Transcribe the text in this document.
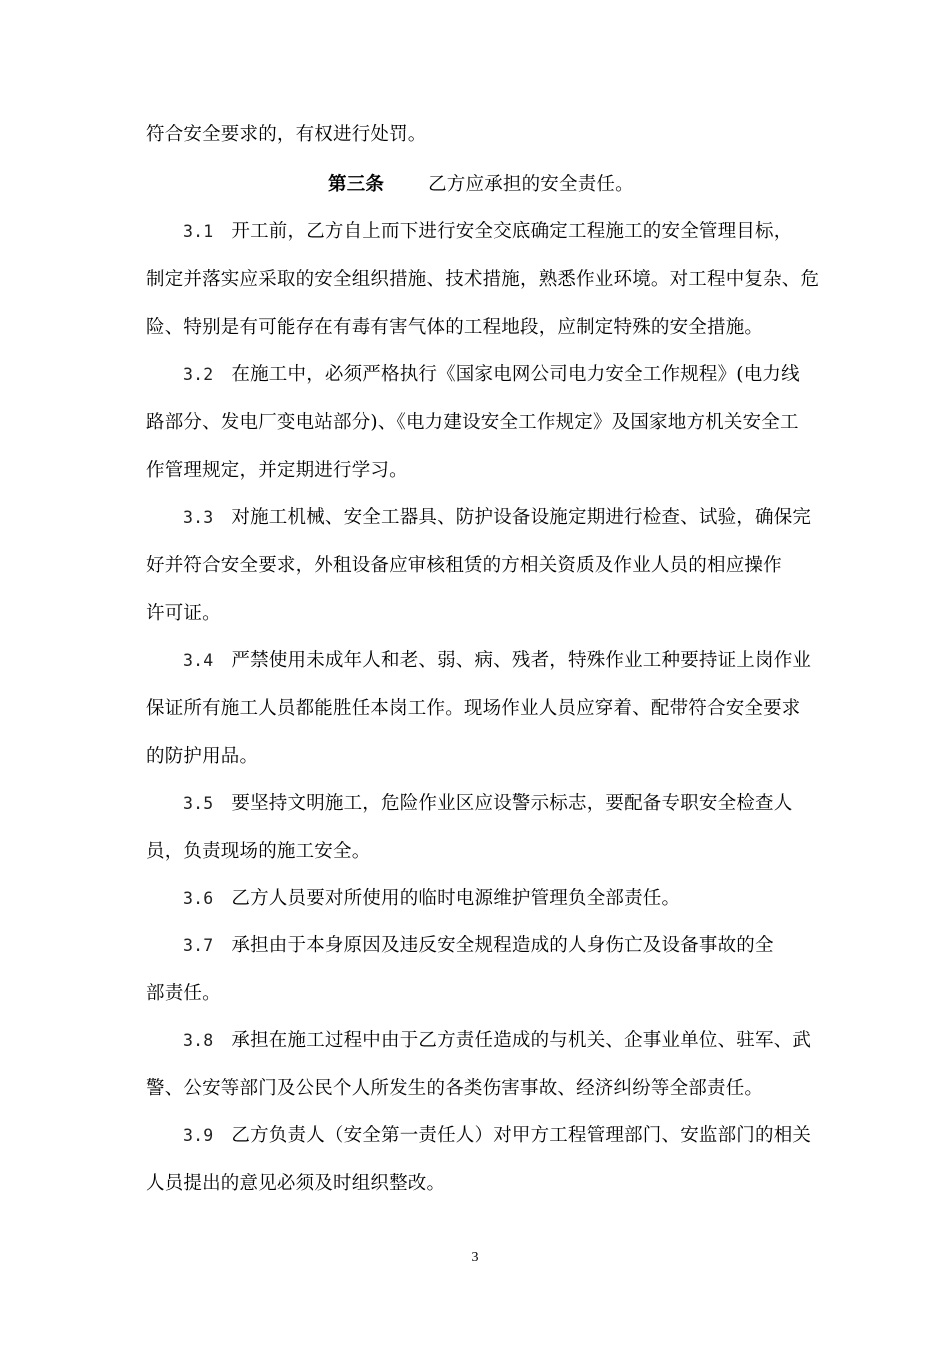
符合安全要求的，有权进行处罚。
第三条 乙方应承担的安全责任。
3.1 开工前，乙方自上而下进行安全交底确定工程施工的安全管理目标，
制定并落实应采取的安全组织措施、技术措施，熟悉作业环境。对工程中复杂、危
险、特别是有可能存在有毒有害气体的工程地段，应制定特殊的安全措施。
3.2 在施工中，必须严格执行《国家电网公司电力安全工作规程》(电力线
路部分、发电厂变电站部分)、《电力建设安全工作规定》及国家地方机关安全工
作管理规定，并定期进行学习。
3.3 对施工机械、安全工器具、防护设备设施定期进行检查、试验，确保完
好并符合安全要求，外租设备应审核租赁的方相关资质及作业人员的相应操作
许可证。
3.4 严禁使用未成年人和老、弱、病、残者，特殊作业工种要持证上岗作业
保证所有施工人员都能胜任本岗工作。现场作业人员应穿着、配带符合安全要求
的防护用品。
3.5 要坚持文明施工，危险作业区应设警示标志，要配备专职安全检查人
员，负责现场的施工安全。
3.6 乙方人员要对所使用的临时电源维护管理负全部责任。
3.7 承担由于本身原因及违反安全规程造成的人身伤亡及设备事故的全
部责任。
3.8 承担在施工过程中由于乙方责任造成的与机关、企事业单位、驻军、武
警、公安等部门及公民个人所发生的各类伤害事故、经济纠纷等全部责任。
3.9 乙方负责人（安全第一责任人）对甲方工程管理部门、安监部门的相关
人员提出的意见必须及时组织整改。
3
